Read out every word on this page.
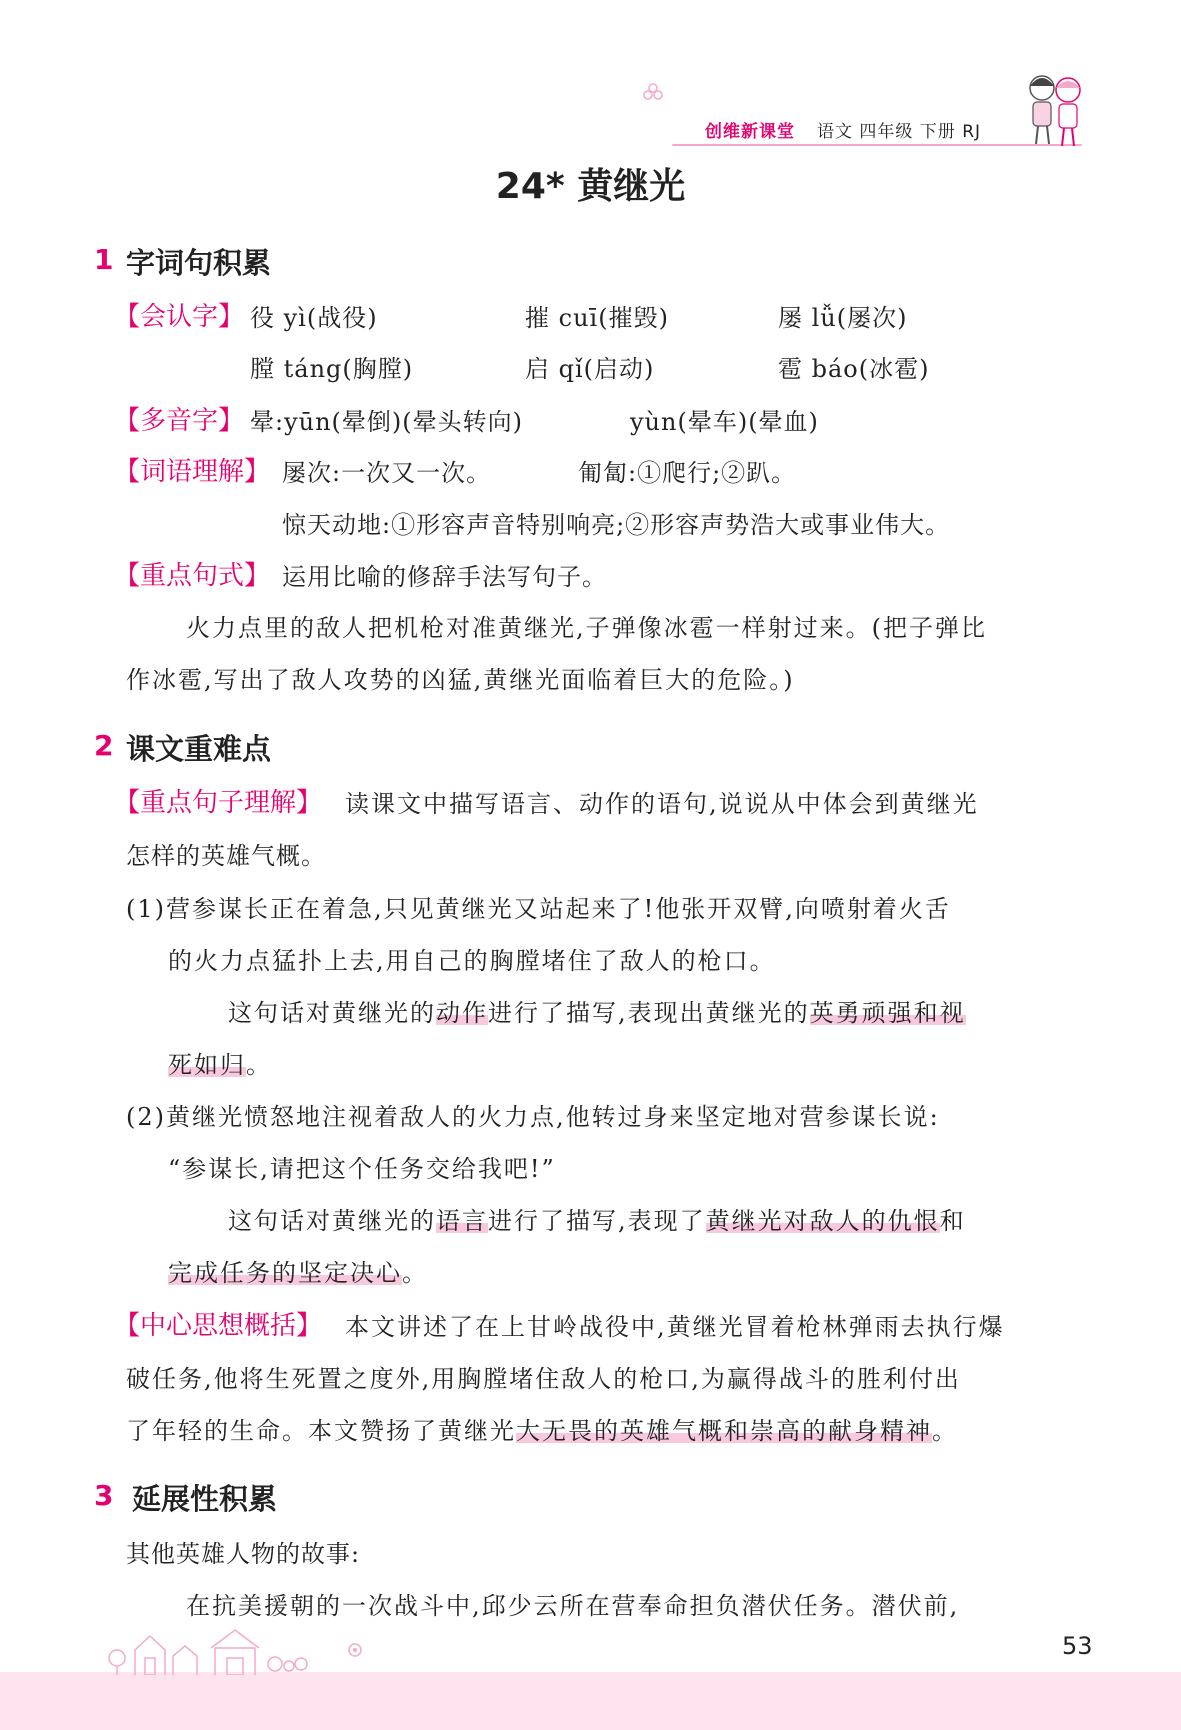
创维新课堂 语文 四年级 下册 RJ
24* 黄继光
1 字词句积累
【会认字】 役 yì(战役)	摧 cuī(摧毁)	屡 lǚ(屡次)
膛 táng(胸膛)	启 qǐ(启动)	雹 báo(冰雹)
【多音字】 晕:yūn(晕倒)(晕头转向)	yùn(晕车)(晕血)
【词语理解】 屡次:一次又一次。	匍匐:①爬行;②趴。
惊天动地:①形容声音特别响亮;②形容声势浩大或事业伟大。
【重点句式】 运用比喻的修辞手法写句子。
火力点里的敌人把机枪对准黄继光,子弹像冰雹一样射过来。(把子弹比
作冰雹,写出了敌人攻势的凶猛,黄继光面临着巨大的危险。)
2 课文重难点
【重点句子理解】 读课文中描写语言、动作的语句,说说从中体会到黄继光
怎样的英雄气概。
(1)营参谋长正在着急,只见黄继光又站起来了!他张开双臂,向喷射着火舌
的火力点猛扑上去,用自己的胸膛堵住了敌人的枪口。
这句话对黄继光的动作进行了描写,表现出黄继光的英勇顽强和视
死如归。
(2)黄继光愤怒地注视着敌人的火力点,他转过身来坚定地对营参谋长说:
“参谋长,请把这个任务交给我吧!”
这句话对黄继光的语言进行了描写,表现了黄继光对敌人的仇恨和
完成任务的坚定决心。
【中心思想概括】 本文讲述了在上甘岭战役中,黄继光冒着枪林弹雨去执行爆
破任务,他将生死置之度外,用胸膛堵住敌人的枪口,为赢得战斗的胜利付出
了年轻的生命。本文赞扬了黄继光大无畏的英雄气概和崇高的献身精神。
3 延展性积累
其他英雄人物的故事:
在抗美援朝的一次战斗中,邱少云所在营奉命担负潜伏任务。潜伏前,
53
